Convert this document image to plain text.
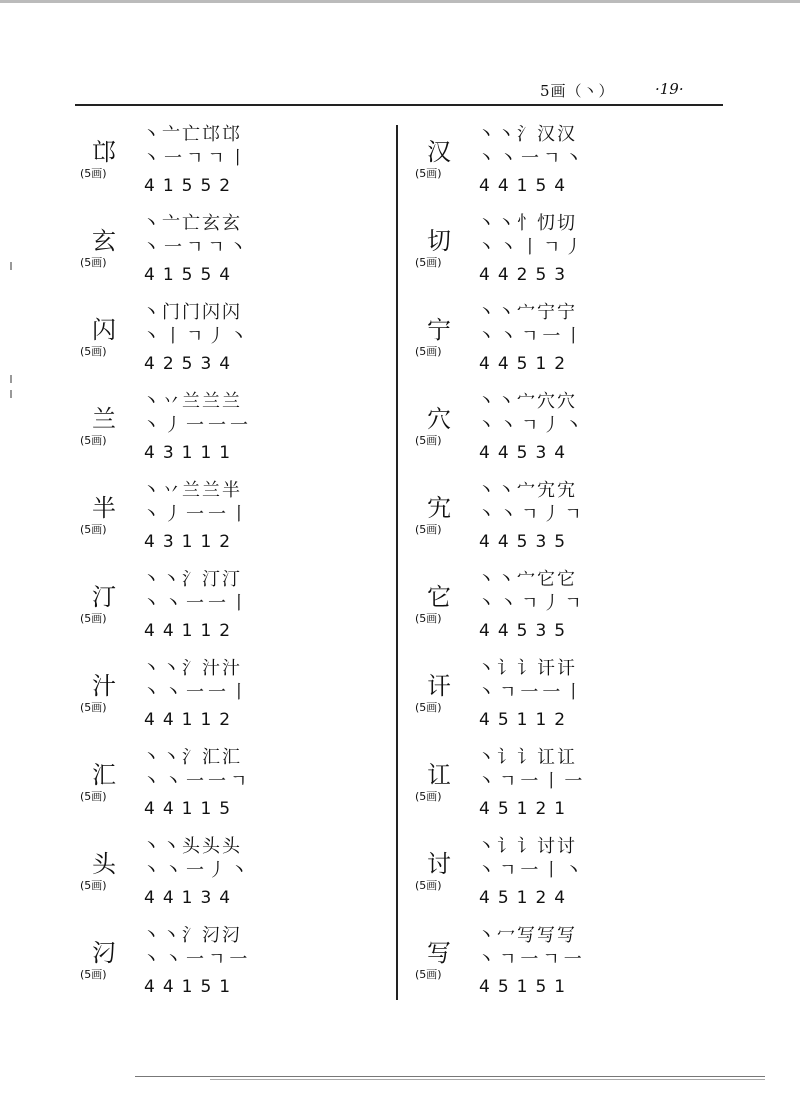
5画（丶）	·19·
丶亠亡邙邙
邙 丶一ㄱㄱ丨
(5画)
41552
丶亠亡玄玄
玄 丶一ㄱㄱ丶
(5画)
41554
丶门门闪闪
闪 丶丨ㄱ丿丶
(5画)
42534
丶丷兰兰兰
兰 丶丿一一一
(5画)
43111
丶丷兰兰半
半 丶丿一一丨
(5画)
43112
丶丶氵汀汀
汀 丶丶一一丨
(5画)
44112
丶丶氵汁汁
汁 丶丶一一丨
(5画)
44112
丶丶氵汇汇
汇 丶丶一一ㄱ
(5画)
44115
丶丶头头头
头 丶丶一丿丶
(5画)
44134
丶丶氵汈汈
汈 丶丶一ㄱ一
(5画)
44151
丶丶氵汉汉
汉 丶丶一ㄱ丶
(5画)
44154
丶丶忄忉切
切 丶丶丨ㄱ丿
(5画)
44253
丶丶宀宁宁
宁 丶丶ㄱ一丨
(5画)
44512
丶丶宀穴穴
穴 丶丶ㄱ丿丶
(5画)
44534
丶丶宀宄宄
宄 丶丶ㄱ丿ㄱ
(5画)
44535
丶丶宀它它
它 丶丶ㄱ丿ㄱ
(5画)
44535
丶讠讠讦讦
讦 丶ㄱ一一丨
(5画)
45112
丶讠讠讧讧
讧 丶ㄱ一丨一
(5画)
45121
丶讠讠讨讨
讨 丶ㄱ一丨丶
(5画)
45124
丶冖写写写
写 丶ㄱ一ㄱ一
(5画)
45151
